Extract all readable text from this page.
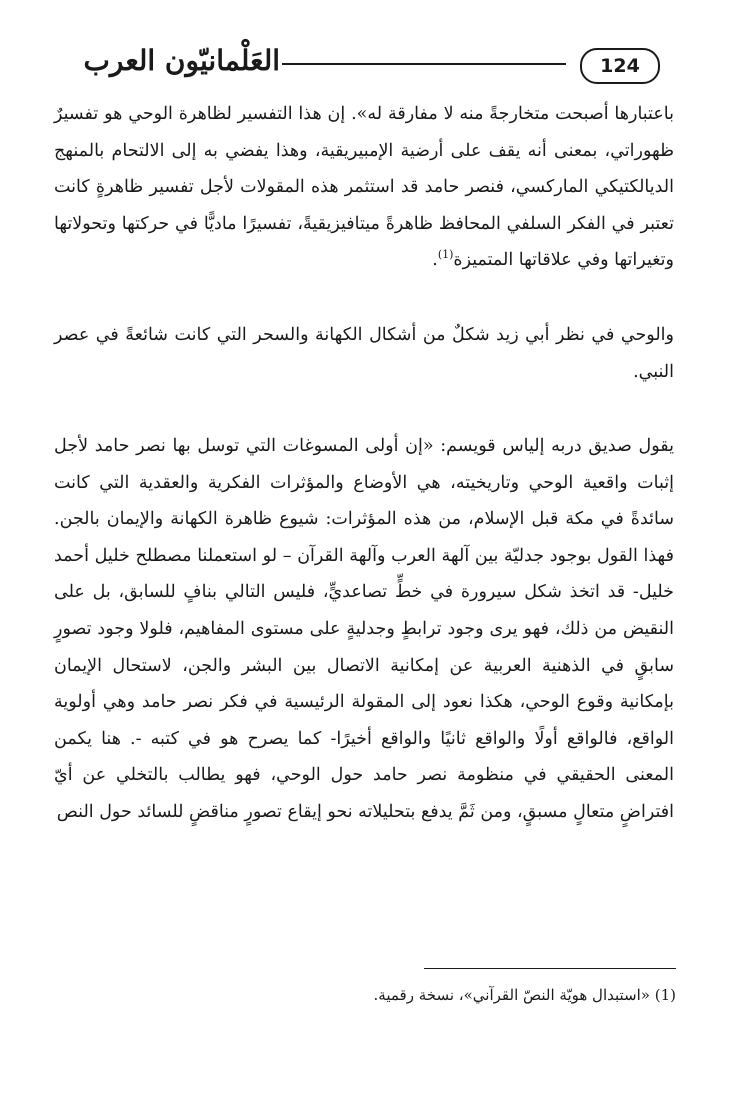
العَلْمانيّون العرب	124

باعتبارها أصبحت متخارجةً منه لا مفارقة له». إن هذا التفسير لظاهرة الوحي هو تفسيرٌ ظهوراتي، بمعنى أنه يقف على أرضية الإمبيريقية، وهذا يفضي به إلى الالتحام بالمنهج الديالكتيكي الماركسي، فنصر حامد قد استثمر هذه المقولات لأجل تفسير ظاهرةٍ كانت تعتبر في الفكر السلفي المحافظ ظاهرةً ميتافيزيقيةً، تفسيرًا ماديًّا في حركتها وتحولاتها وتغيراتها وفي علاقاتها المتميزة$^{(1)}$.

والوحي في نظر أبي زيد شكلٌ من أشكال الكهانة والسحر التي كانت شائعةً في عصر النبي.

يقول صديق دربه إلياس قويسم: «إن أولى المسوغات التي توسل بها نصر حامد لأجل إثبات واقعية الوحي وتاريخيته، هي الأوضاع والمؤثرات الفكرية والعقدية التي كانت سائدةً في مكة قبل الإسلام، من هذه المؤثرات: شيوع ظاهرة الكهانة والإيمان بالجن. فهذا القول بوجود جدليّة بين آلهة العرب وآلهة القرآن – لو استعملنا مصطلح خليل أحمد خليل- قد اتخذ شكل سيرورة في خطٍّ تصاعديٍّ، فليس التالي بنافٍ للسابق، بل على النقيض من ذلك، فهو يرى وجود ترابطٍ وجدليةٍ على مستوى المفاهيم، فلولا وجود تصورٍ سابقٍ في الذهنية العربية عن إمكانية الاتصال بين البشر والجن، لاستحال الإيمان بإمكانية وقوع الوحي، هكذا نعود إلى المقولة الرئيسية في فكر نصر حامد وهي أولوية الواقع، فالواقع أولًا والواقع ثانيًا والواقع أخيرًا- كما يصرح هو في كتبه -. هنا يكمن المعنى الحقيقي في منظومة نصر حامد حول الوحي، فهو يطالب بالتخلي عن أيّ افتراضٍ متعالٍ مسبقٍ، ومن ثَمَّ يدفع بتحليلاته نحو إيقاع تصورٍ مناقضٍ للسائد حول النص

(1) «استبدال هويّة النصّ القرآني»، نسخة رقمية.
